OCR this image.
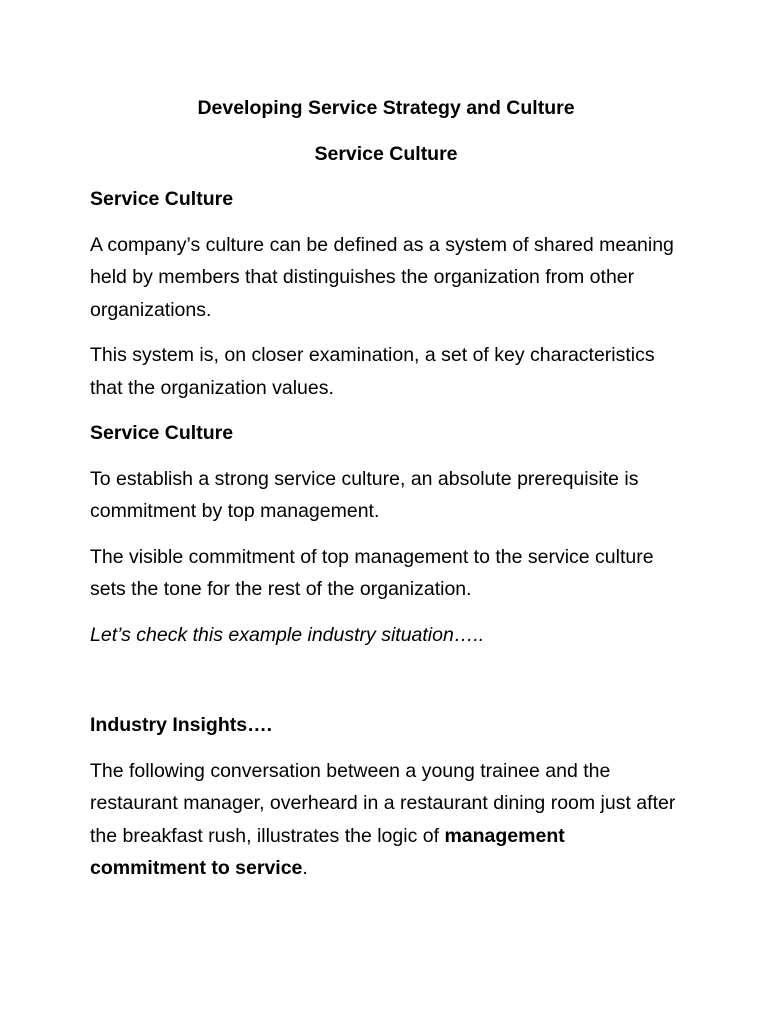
Developing Service Strategy and Culture
Service Culture
Service Culture

A company’s culture can be defined as a system of shared meaning held by members that distinguishes the organization from other organizations.

This system is, on closer examination, a set of key characteristics that the organization values.

Service Culture

To establish a strong service culture, an absolute prerequisite is commitment by top management.

The visible commitment of top management to the service culture sets the tone for the rest of the organization.

Let’s check this example industry situation…..

Industry Insights….

The following conversation between a young trainee and the restaurant manager, overheard in a restaurant dining room just after the breakfast rush, illustrates the logic of management commitment to service.
